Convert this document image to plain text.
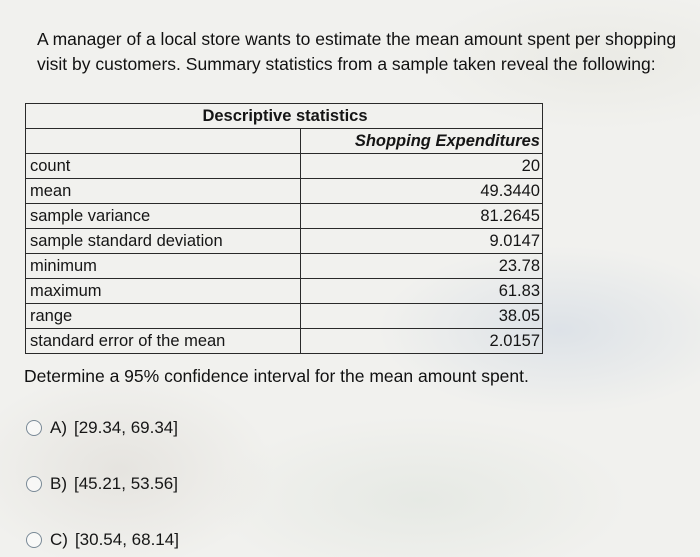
A manager of a local store wants to estimate the mean amount spent per shopping
visit by customers. Summary statistics from a sample taken reveal the following:
Descriptive statistics	
	Shopping Expenditures
count	20
mean	49.3440
sample variance	81.2645
sample standard deviation	9.0147
minimum	23.78
maximum	61.83
range	38.05
standard error of the mean	2.0157
Determine a 95% confidence interval for the mean amount spent.
A) [29.34, 69.34]
B) [45.21, 53.56]
C) [30.54, 68.14]
